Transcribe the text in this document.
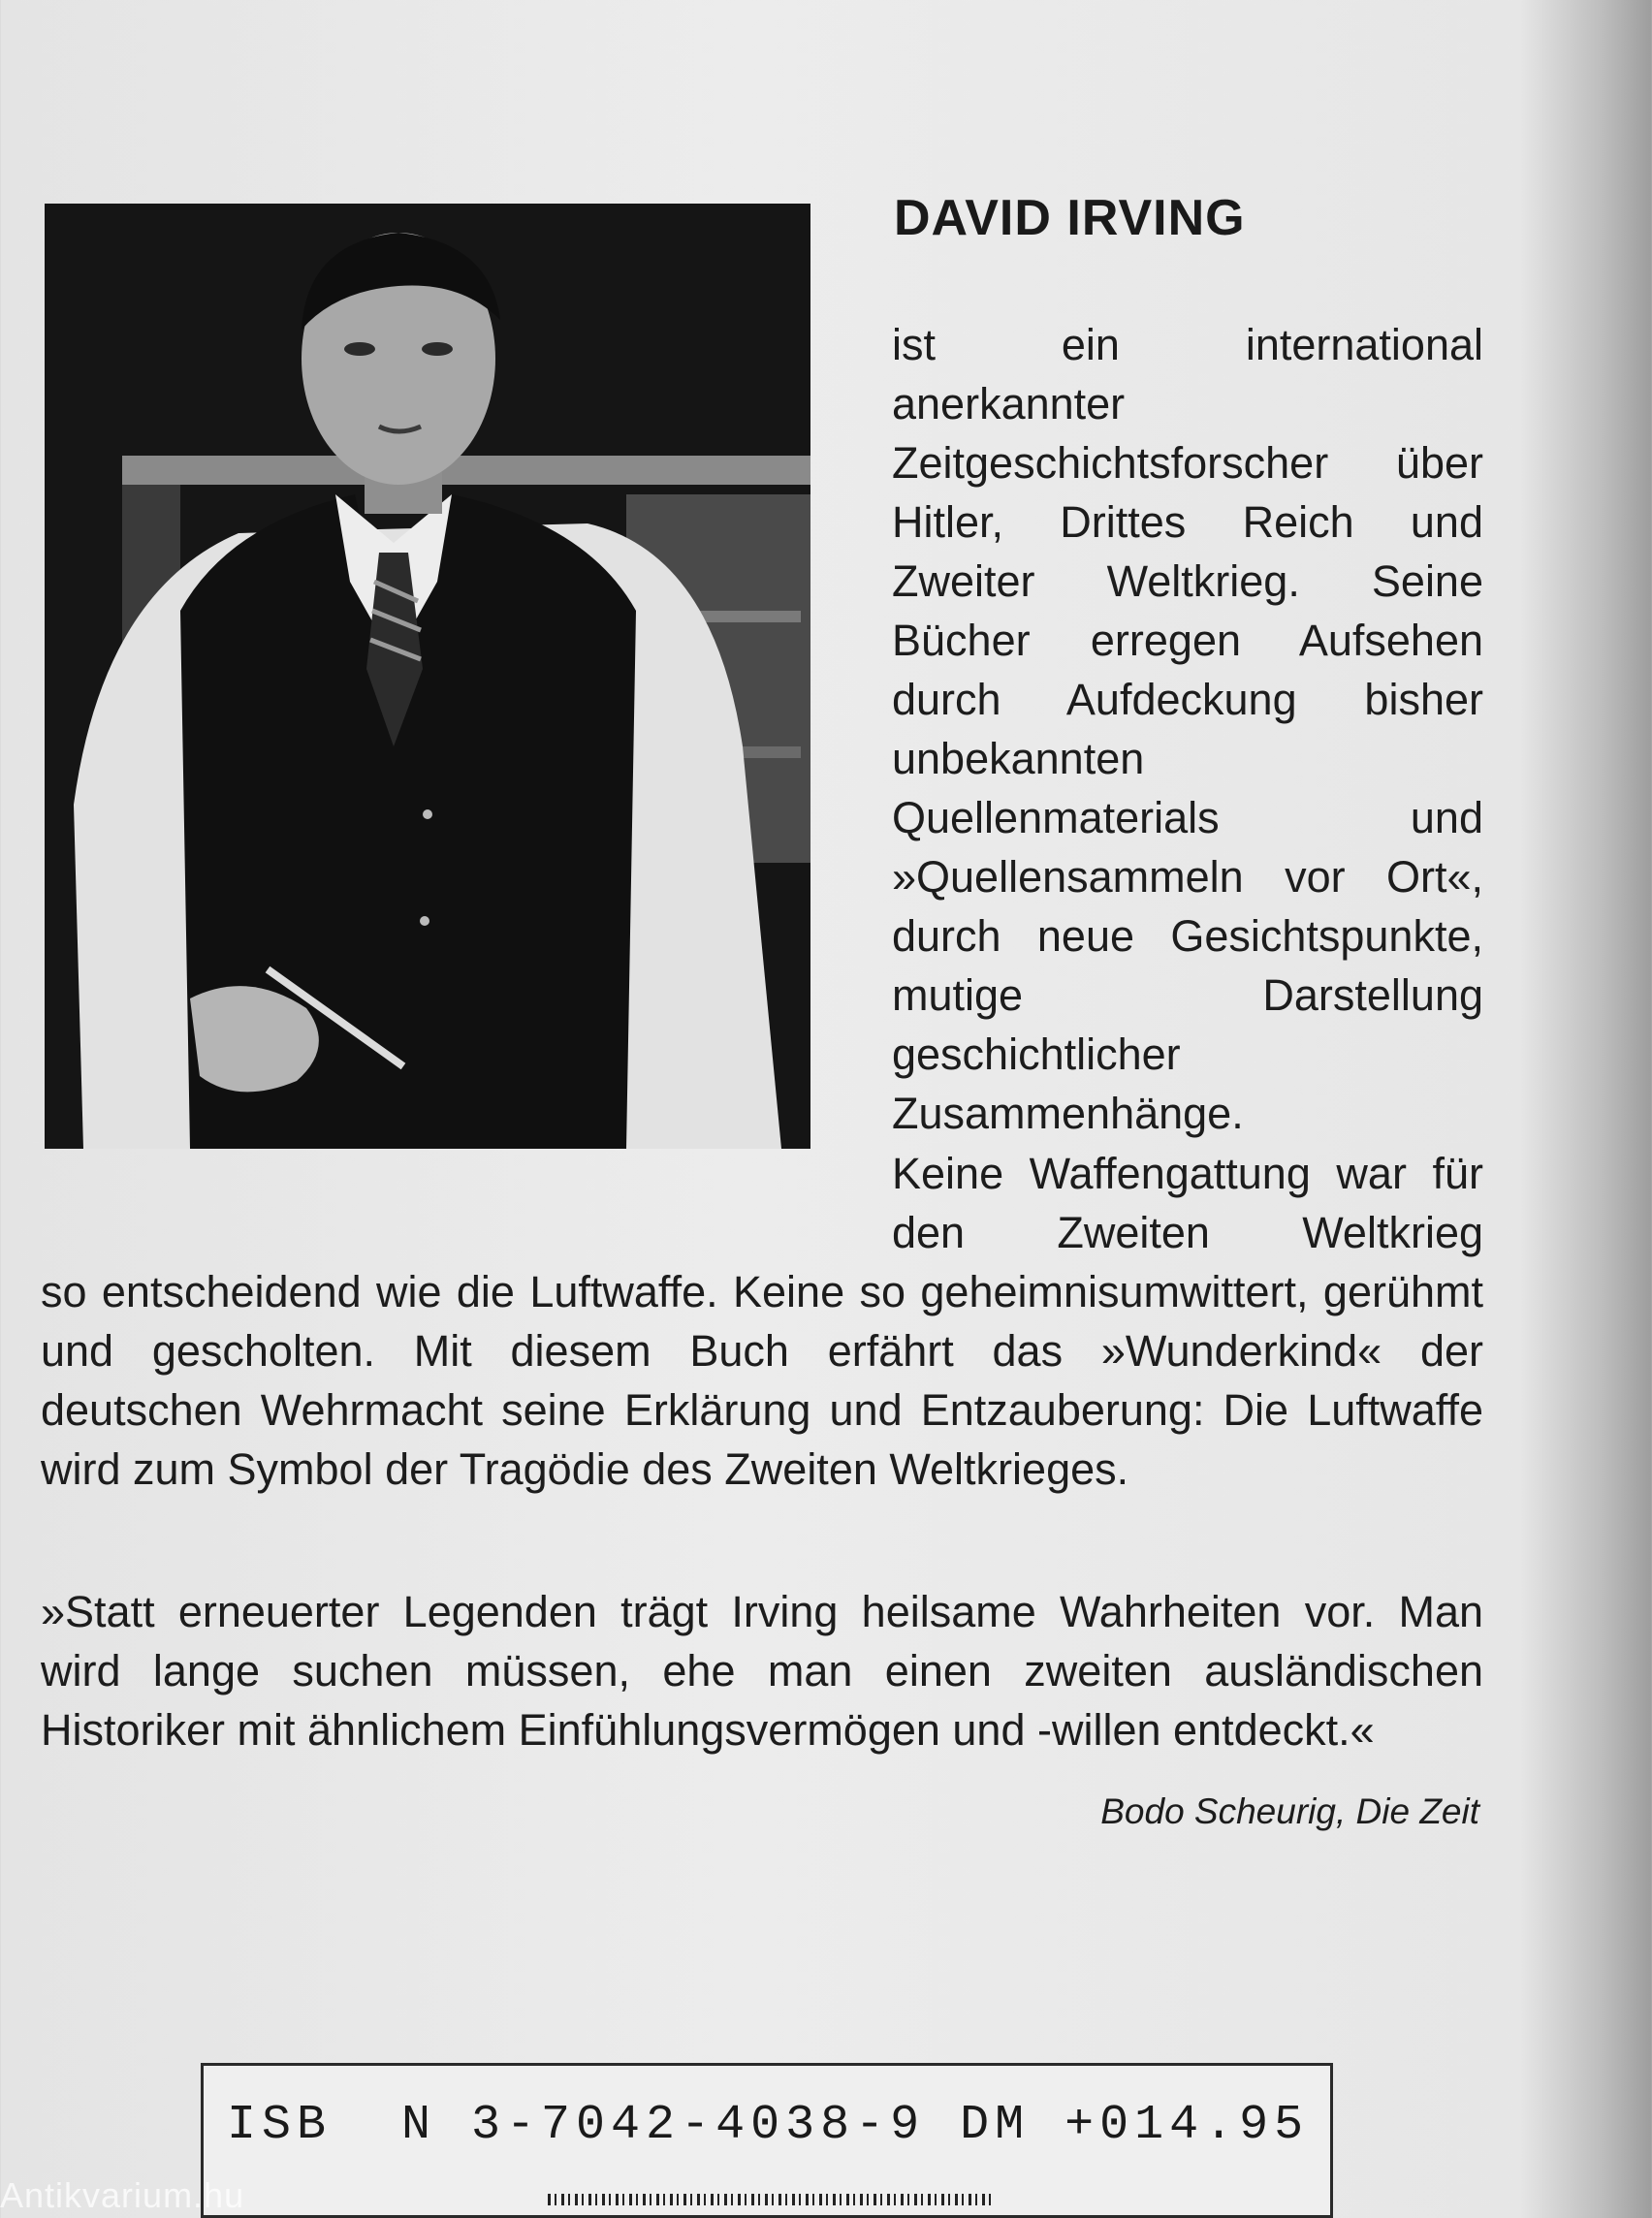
DAVID IRVING

ist ein international anerkannter Zeitgeschichtsforscher über Hitler, Drittes Reich und Zweiter Weltkrieg. Seine Bücher erregen Aufsehen durch Aufdeckung bisher unbekannten Quellenmaterials und »Quellensammeln vor Ort«, durch neue Gesichtspunkte, mutige Darstellung geschichtlicher Zusammenhänge.

Keine Waffengattung war für den Zweiten Weltkrieg

so entscheidend wie die Luftwaffe. Keine so geheimnisumwittert, gerühmt und gescholten. Mit diesem Buch erfährt das »Wunderkind« der deutschen Wehrmacht seine Erklärung und Entzauberung: Die Luftwaffe wird zum Symbol der Tragödie des Zweiten Weltkrieges.

»Statt erneuerter Legenden trägt Irving heilsame Wahrheiten vor. Man wird lange suchen müssen, ehe man einen zweiten ausländischen Historiker mit ähnlichem Einfühlungsvermögen und -willen entdeckt.«

Bodo Scheurig, Die Zeit

ISB  N 3-7042-4038-9 DM +014.95

Antikvarium.hu
